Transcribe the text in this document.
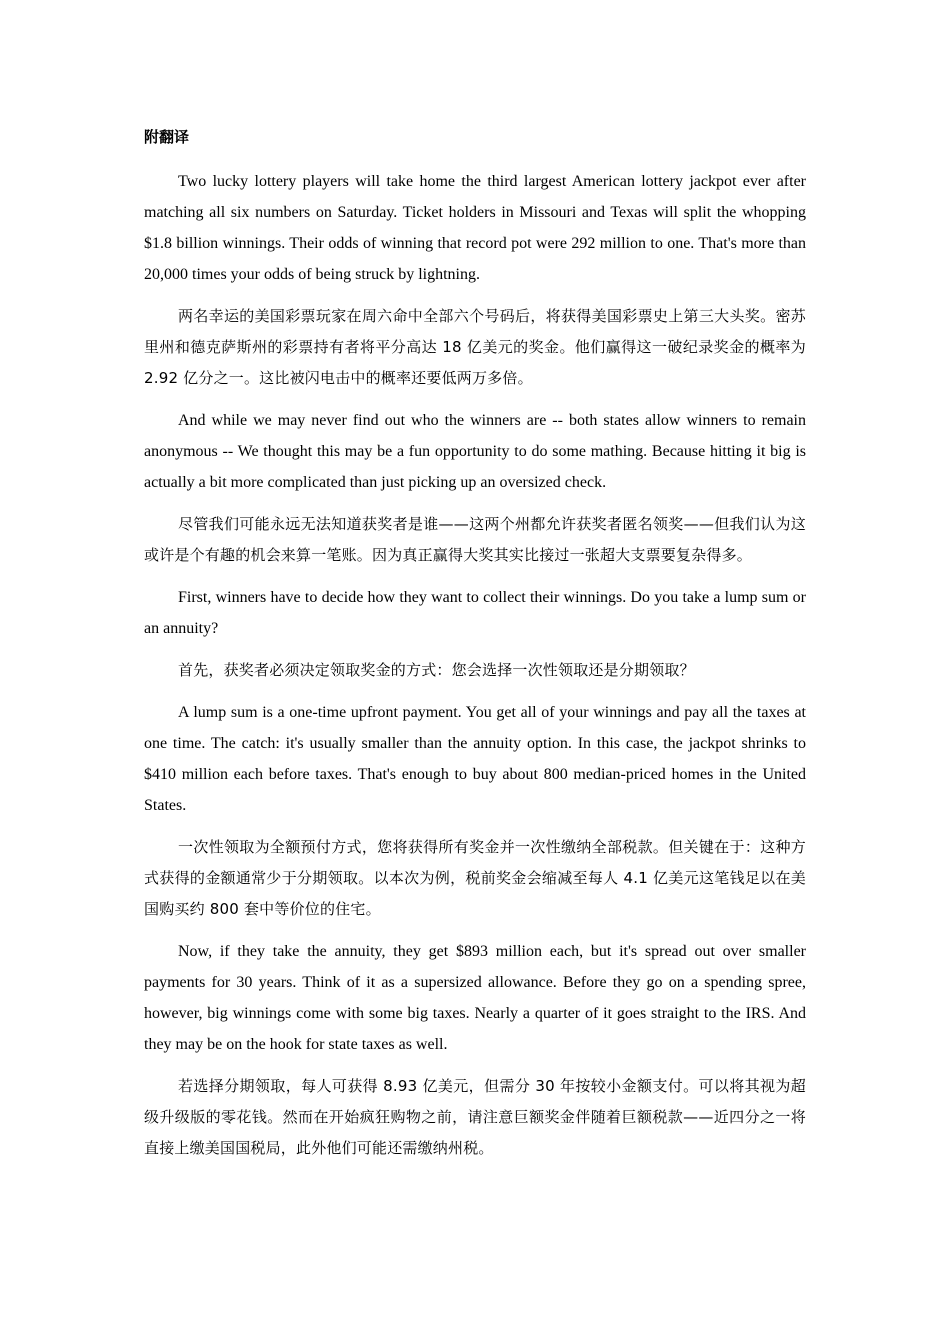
附翻译

Two lucky lottery players will take home the third largest American lottery jackpot ever after matching all six numbers on Saturday. Ticket holders in Missouri and Texas will split the whopping $1.8 billion winnings. Their odds of winning that record pot were 292 million to one. That's more than 20,000 times your odds of being struck by lightning.

两名幸运的美国彩票玩家在周六命中全部六个号码后，将获得美国彩票史上第三大头奖。密苏里州和德克萨斯州的彩票持有者将平分高达 18 亿美元的奖金。他们赢得这一破纪录奖金的概率为 2.92 亿分之一。这比被闪电击中的概率还要低两万多倍。

And while we may never find out who the winners are -- both states allow winners to remain anonymous -- We thought this may be a fun opportunity to do some mathing. Because hitting it big is actually a bit more complicated than just picking up an oversized check.

尽管我们可能永远无法知道获奖者是谁——这两个州都允许获奖者匿名领奖——但我们认为这或许是个有趣的机会来算一笔账。因为真正赢得大奖其实比接过一张超大支票要复杂得多。

First, winners have to decide how they want to collect their winnings. Do you take a lump sum or an annuity?

首先，获奖者必须决定领取奖金的方式：您会选择一次性领取还是分期领取？

A lump sum is a one-time upfront payment. You get all of your winnings and pay all the taxes at one time. The catch: it's usually smaller than the annuity option. In this case, the jackpot shrinks to $410 million each before taxes. That's enough to buy about 800 median-priced homes in the United States.

一次性领取为全额预付方式，您将获得所有奖金并一次性缴纳全部税款。但关键在于：这种方式获得的金额通常少于分期领取。以本次为例，税前奖金会缩减至每人 4.1 亿美元这笔钱足以在美国购买约 800 套中等价位的住宅。

Now, if they take the annuity, they get $893 million each, but it's spread out over smaller payments for 30 years. Think of it as a supersized allowance. Before they go on a spending spree, however, big winnings come with some big taxes. Nearly a quarter of it goes straight to the IRS. And they may be on the hook for state taxes as well.

若选择分期领取，每人可获得 8.93 亿美元，但需分 30 年按较小金额支付。可以将其视为超级升级版的零花钱。然而在开始疯狂购物之前，请注意巨额奖金伴随着巨额税款——近四分之一将直接上缴美国国税局，此外他们可能还需缴纳州税。
